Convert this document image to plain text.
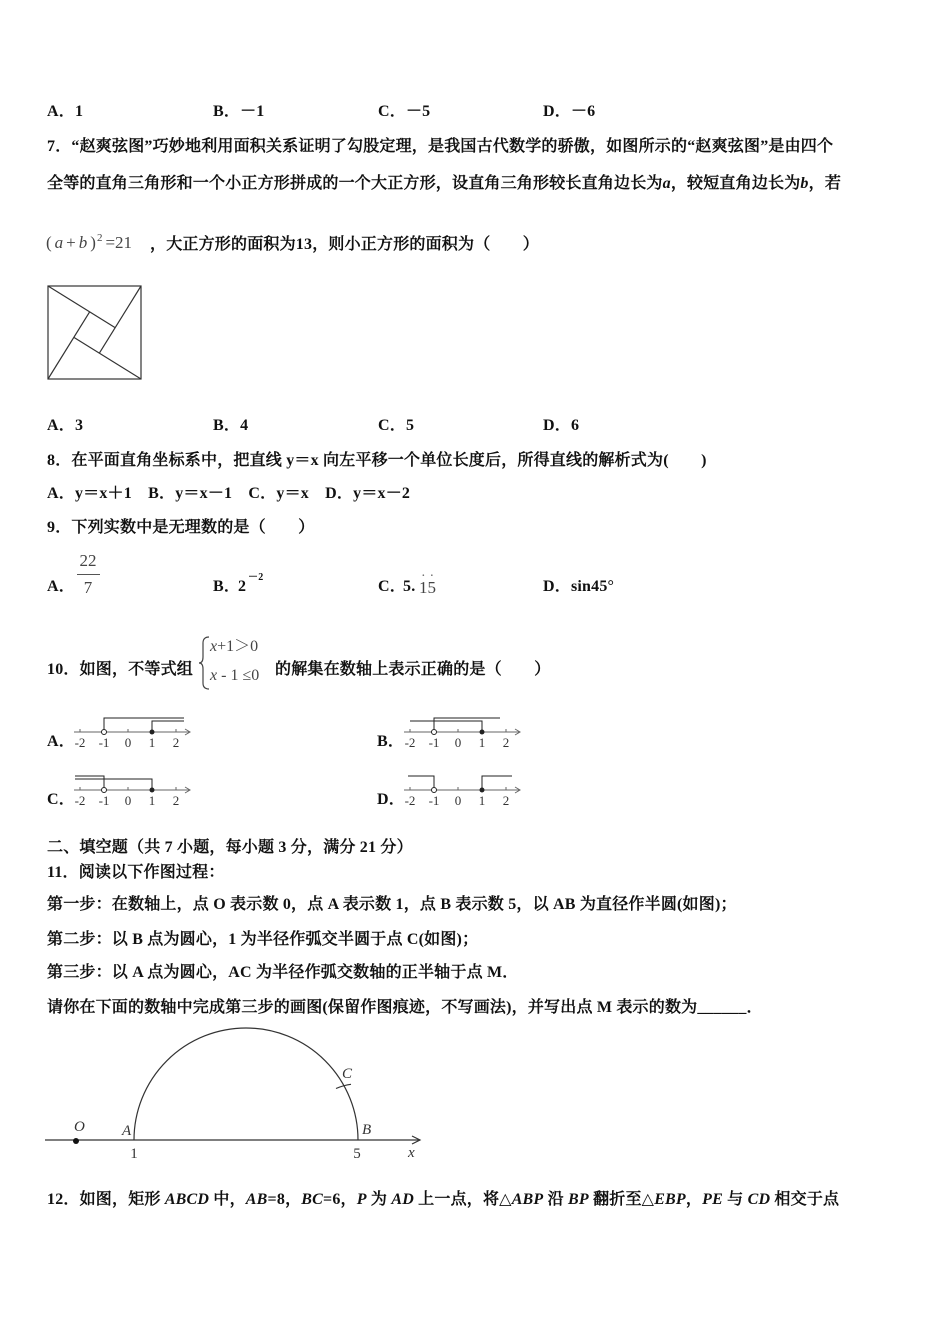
A．1	B．－1	C．－5	D．－6
7．“赵爽弦图”巧妙地利用面积关系证明了勾股定理，是我国古代数学的骄傲，如图所示的“赵爽弦图”是由四个
全等的直角三角形和一个小正方形拼成的一个大正方形，设直角三角形较长直角边长为a，较短直角边长为b，若
( a + b )$^2$ =21 ，大正方形的面积为13，则小正方形的面积为（　　）
A．3	B．4	C．5	D．6
8．在平面直角坐标系中，把直线 y＝x 向左平移一个单位长度后，所得直线的解析式为(　　)
A．y＝x＋1　B．y＝x－1　C．y＝x　D．y＝x－2
9．下列实数中是无理数的是（　　）
A．
22
7	B．
2
－2
C．
5.
· 1· 5	D．sin45°
10．如图，不等式组
x+1＞0
x - 1 ≤0 的解集在数轴上表示正确的是（　　）
A． -2 -1 0 1 2	B． -2 -1 0 1 2
C． -2 -1 0 1 2	D． -2 -1 0 1 2
二、填空题（共 7 小题，每小题 3 分，满分 21 分）
11．阅读以下作图过程：
第一步：在数轴上，点 O 表示数 0，点 A 表示数 1，点 B 表示数 5，以 AB 为直径作半圆(如图)；
第二步：以 B 点为圆心，1 为半径作弧交半圆于点 C(如图)；
第三步：以 A 点为圆心，AC 为半径作弧交数轴的正半轴于点 M．
请你在下面的数轴中完成第三步的画图(保留作图痕迹，不写画法)，并写出点 M 表示的数为______．
O A	B
C
1	5	x
12．如图，矩形 ABCD 中，AB=8，BC=6，P 为 AD 上一点，将△ABP 沿 BP 翻折至△EBP，PE 与 CD 相交于点
